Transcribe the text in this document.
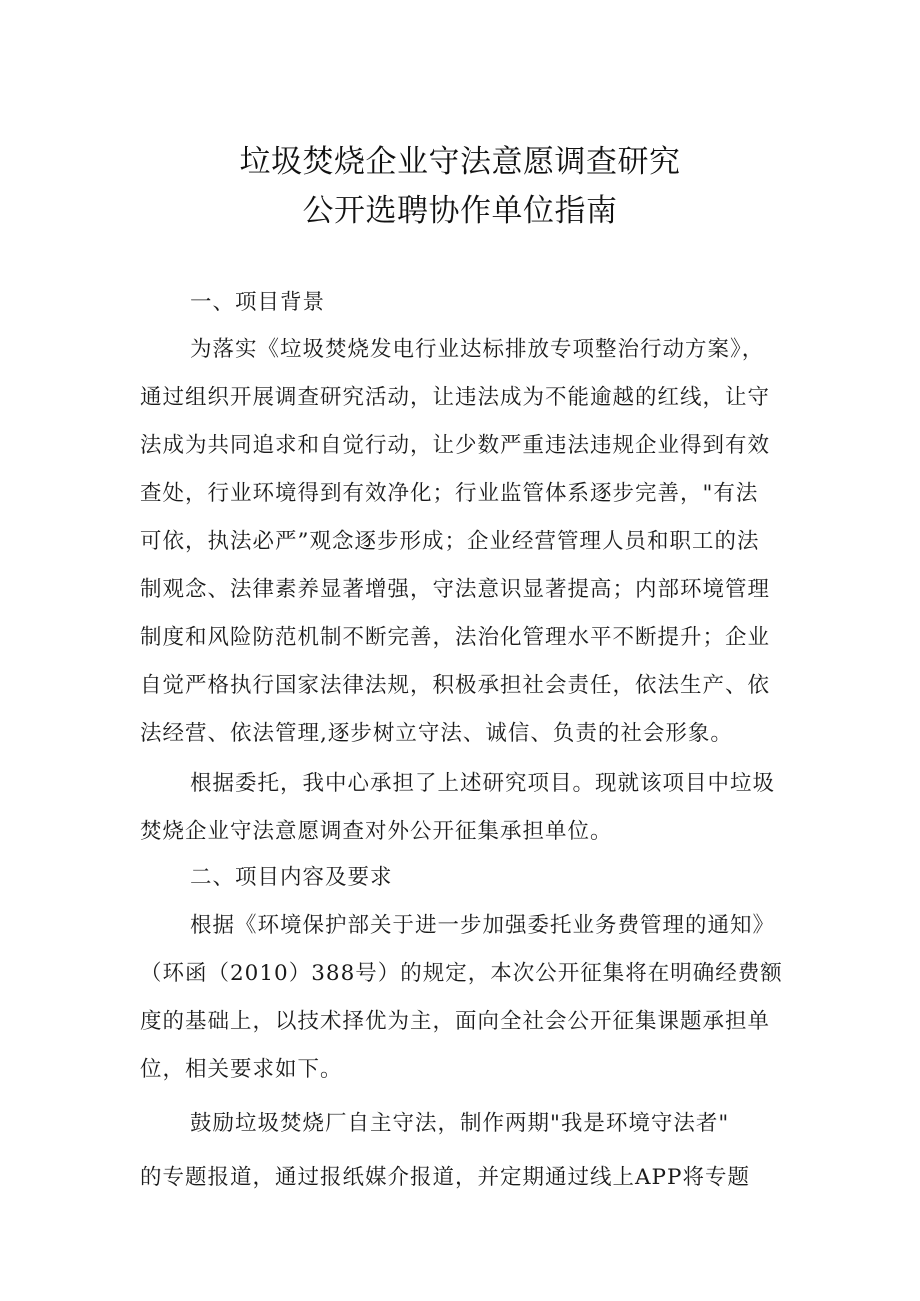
垃圾焚烧企业守法意愿调查研究
公开选聘协作单位指南
一、项目背景
为落实《垃圾焚烧发电行业达标排放专项整治行动方案》，
通过组织开展调查研究活动，让违法成为不能逾越的红线，让守
法成为共同追求和自觉行动，让少数严重违法违规企业得到有效
查处，行业环境得到有效净化；行业监管体系逐步完善，"有法
可依，执法必严”观念逐步形成；企业经营管理人员和职工的法
制观念、法律素养显著增强，守法意识显著提高；内部环境管理
制度和风险防范机制不断完善，法治化管理水平不断提升；企业
自觉严格执行国家法律法规，积极承担社会责任，依法生产、依
法经营、依法管理,逐步树立守法、诚信、负责的社会形象。
根据委托，我中心承担了上述研究项目。现就该项目中垃圾
焚烧企业守法意愿调查对外公开征集承担单位。
二、项目内容及要求
根据《环境保护部关于进一步加强委托业务费管理的通知》
（环函（2010）388号）的规定，本次公开征集将在明确经费额
度的基础上，以技术择优为主，面向全社会公开征集课题承担单
位，相关要求如下。
鼓励垃圾焚烧厂自主守法，制作两期"我是环境守法者"
的专题报道，通过报纸媒介报道，并定期通过线上APP将专题
